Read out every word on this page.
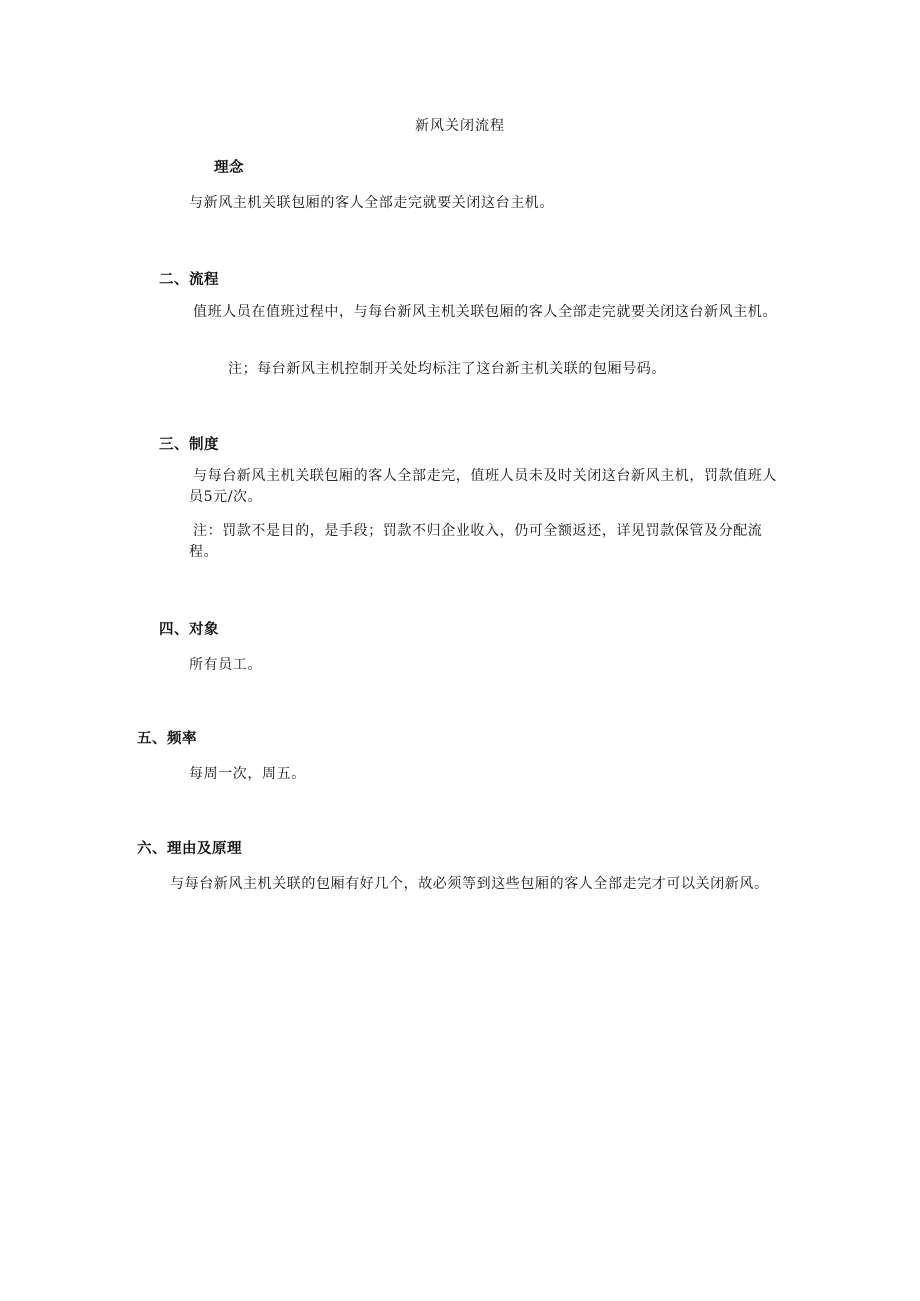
新风关闭流程
理念
与新风主机关联包厢的客人全部走完就要关闭这台主机。
二、流程
值班人员在值班过程中，与每台新风主机关联包厢的客人全部走完就要关闭这台新风主机。
注；每台新风主机控制开关处均标注了这台新主机关联的包厢号码。
三、制度
与每台新风主机关联包厢的客人全部走完，值班人员未及时关闭这台新风主机，罚款值班人员5元/次。
注：罚款不是目的，是手段；罚款不归企业收入，仍可全额返还，详见罚款保管及分配流程。
四、对象
所有员工。
五、频率
每周一次，周五。
六、理由及原理
与每台新风主机关联的包厢有好几个，故必须等到这些包厢的客人全部走完才可以关闭新风。
